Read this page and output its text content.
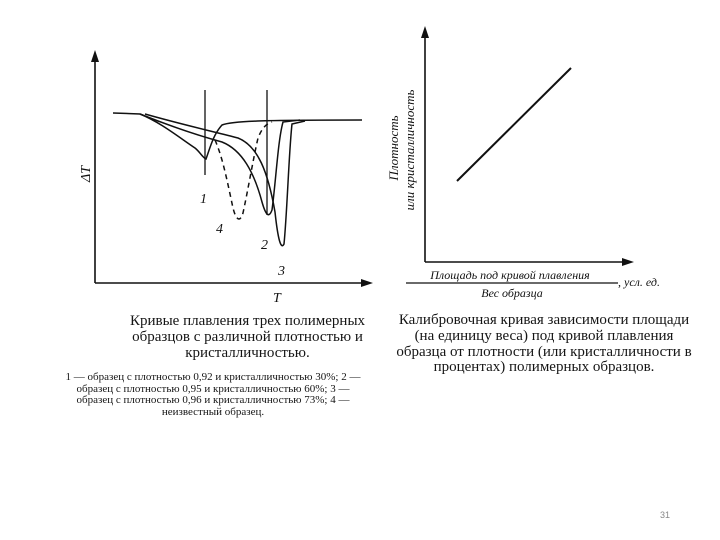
ΔT
T
1
4
2
3

Кривые плавления трех полимерных образцов с различной плотностью и кристалличностью.

1 — образец с плотностью 0,92 и кристалличностью 30%; 2 — образец с плотностью 0,95 и кристалличностью 60%; 3 — образец с плотностью 0,96 и кристалличностью 73%; 4 — неизвестный образец.

Плотность или кристалличность
Площадь под кривой плавления
Вес образца
, усл. ед.

Калибровочная кривая зависимости площади (на единицу веса) под кривой плавления образца от плотности (или кристалличности в процентах) полимерных образцов.

31
